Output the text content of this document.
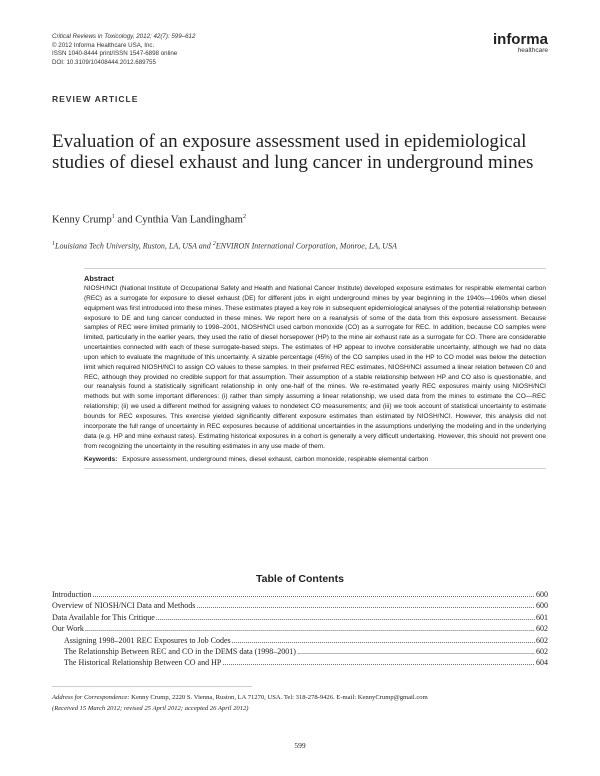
Critical Reviews in Toxicology, 2012; 42(7): 599–612
© 2012 Informa Healthcare USA, Inc.
ISSN 1040-8444 print/ISSN 1547-6898 online
DOI: 10.3109/10408444.2012.689755
informa
healthcare
REVIEW ARTICLE
Evaluation of an exposure assessment used in epidemiological studies of diesel exhaust and lung cancer in underground mines
Kenny Crump$^1$ and Cynthia Van Landingham$^2$
$^1$Louisiana Tech University, Ruston, LA, USA and $^2$ENVIRON International Corporation, Monroe, LA, USA
Abstract
NIOSH/NCI (National Institute of Occupational Safety and Health and National Cancer Institute) developed exposure estimates for respirable elemental carbon (REC) as a surrogate for exposure to diesel exhaust (DE) for different jobs in eight underground mines by year beginning in the 1940s—1960s when diesel equipment was first introduced into these mines. These estimates played a key role in subsequent epidemiological analyses of the potential relationship between exposure to DE and lung cancer conducted in these mines. We report here on a reanalysis of some of the data from this exposure assessment. Because samples of REC were limited primarily to 1998–2001, NIOSH/NCI used carbon monoxide (CO) as a surrogate for REC. In addition, because CO samples were limited, particularly in the earlier years, they used the ratio of diesel horsepower (HP) to the mine air exhaust rate as a surrogate for CO. There are considerable uncertainties connected with each of these surrogate-based steps. The estimates of HP appear to involve considerable uncertainty, although we had no data upon which to evaluate the magnitude of this uncertainty. A sizable percentage (45%) of the CO samples used in the HP to CO model was below the detection limit which required NIOSH/NCI to assign CO values to these samples. In their preferred REC estimates, NIOSH/NCI assumed a linear relation between C0 and REC, although they provided no credible support for that assumption. Their assumption of a stable relationship between HP and CO also is questionable, and our reanalysis found a statistically significant relationship in only one-half of the mines. We re-estimated yearly REC exposures mainly using NIOSH/NCI methods but with some important differences: (i) rather than simply assuming a linear relationship, we used data from the mines to estimate the CO—REC relationship; (ii) we used a different method for assigning values to nondetect CO measurements; and (iii) we took account of statistical uncertainty to estimate bounds for REC exposures. This exercise yielded significantly different exposure estimates than estimated by NIOSH/NCI. However, this analysis did not incorporate the full range of uncertainty in REC exposures because of additional uncertainties in the assumptions underlying the modeling and in the underlying data (e.g. HP and mine exhaust rates). Estimating historical exposures in a cohort is generally a very difficult undertaking. However, this should not prevent one from recognizing the uncertainty in the resulting estimates in any use made of them.
Keywords: Exposure assessment, underground mines, diesel exhaust, carbon monoxide, respirable elemental carbon
Table of Contents
Introduction .....	600
Overview of NIOSH/NCI Data and Methods .....	600
Data Available for This Critique .....	601
Our Work .....	602
Assigning 1998–2001 REC Exposures to Job Codes .....	602
The Relationship Between REC and CO in the DEMS data (1998–2001) .....	602
The Historical Relationship Between CO and HP .....	604
Address for Correspondence: Kenny Crump, 2220 S. Vienna, Ruston, LA 71270, USA. Tel: 318-278-9426. E-mail: KennyCrump@gmail.com
(Received 15 March 2012; revised 25 April 2012; accepted 26 April 2012)
599
